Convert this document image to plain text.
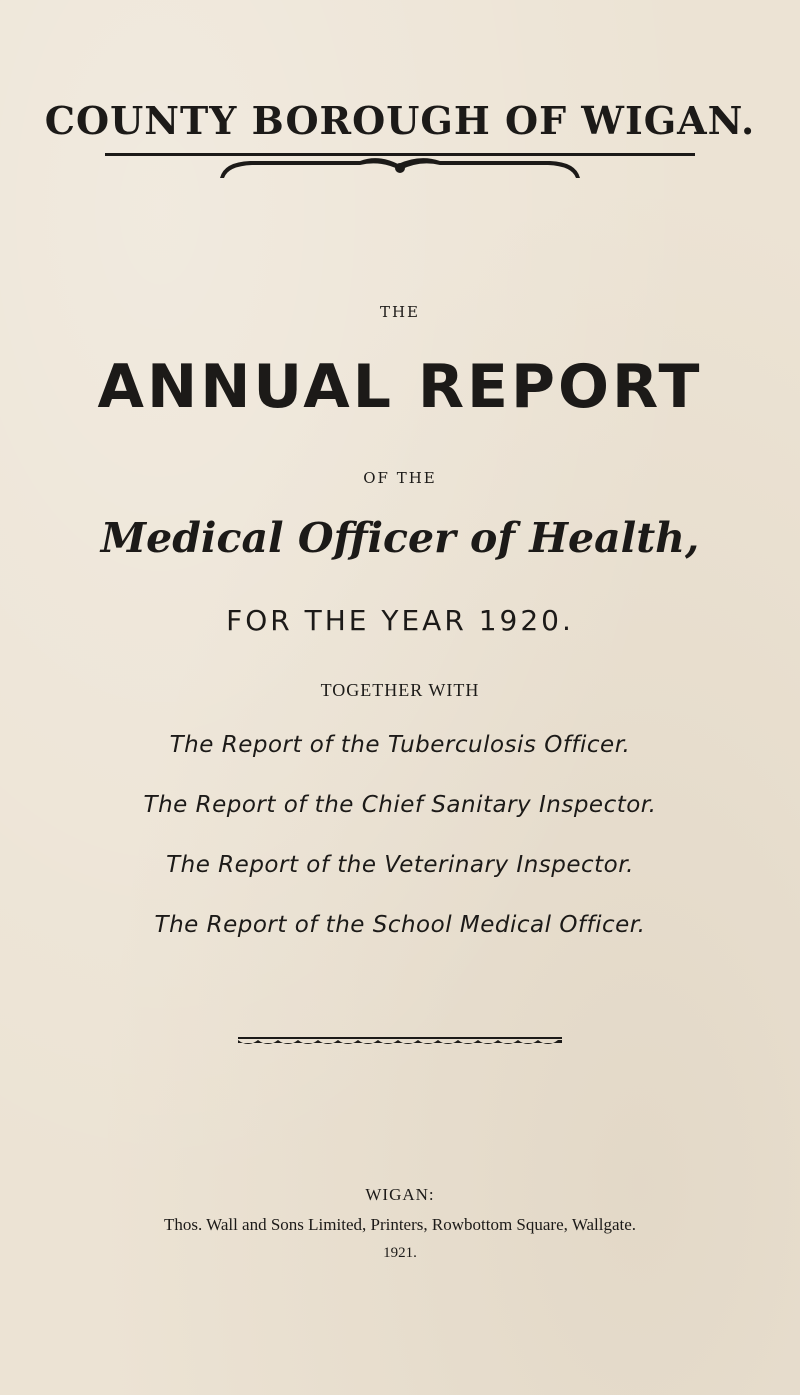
COUNTY BOROUGH OF WIGAN.
THE
ANNUAL REPORT
OF THE
Medical Officer of Health,
FOR THE YEAR 1920.
TOGETHER WITH
The Report of the Tuberculosis Officer.
The Report of the Chief Sanitary Inspector.
The Report of the Veterinary Inspector.
The Report of the School Medical Officer.
WIGAN:
Thos. Wall and Sons Limited, Printers, Rowbottom Square, Wallgate.
1921.
